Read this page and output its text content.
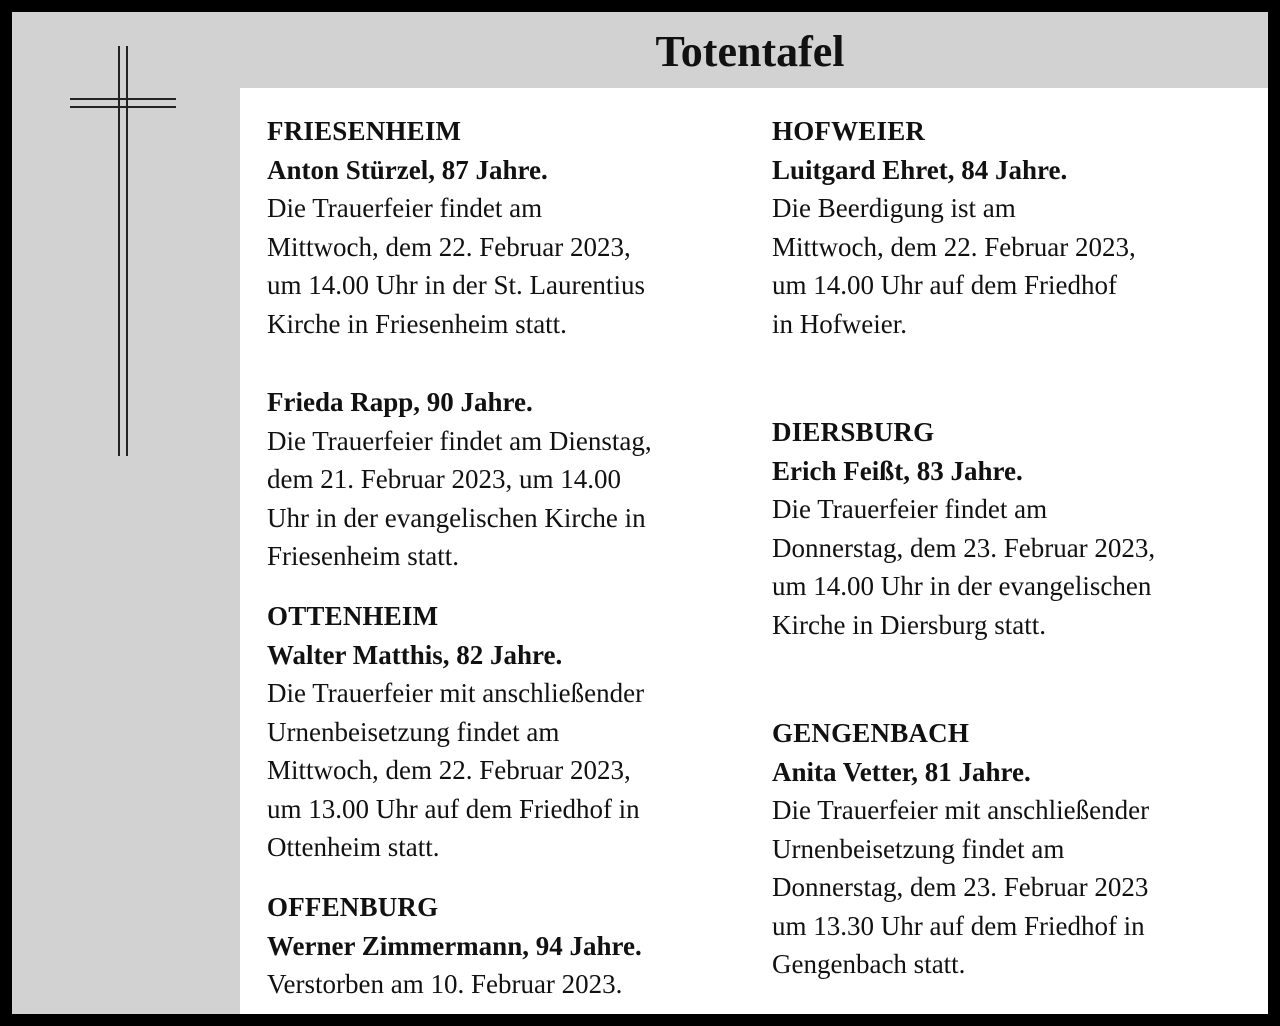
Totentafel
FRIESENHEIM
Anton Stürzel, 87 Jahre.
Die Trauerfeier findet am
Mittwoch, dem 22. Februar 2023,
um 14.00 Uhr in der St. Laurentius
Kirche in Friesenheim statt.
Frieda Rapp, 90 Jahre.
Die Trauerfeier findet am Dienstag,
dem 21. Februar 2023, um 14.00
Uhr in der evangelischen Kirche in
Friesenheim statt.
OTTENHEIM
Walter Matthis, 82 Jahre.
Die Trauerfeier mit anschließender
Urnenbeisetzung findet am
Mittwoch, dem 22. Februar 2023,
um 13.00 Uhr auf dem Friedhof in
Ottenheim statt.
OFFENBURG
Werner Zimmermann, 94 Jahre.
Verstorben am 10. Februar 2023.
HOFWEIER
Luitgard Ehret, 84 Jahre.
Die Beerdigung ist am
Mittwoch, dem 22. Februar 2023,
um 14.00 Uhr auf dem Friedhof
in Hofweier.
DIERSBURG
Erich Feißt, 83 Jahre.
Die Trauerfeier findet am
Donnerstag, dem 23. Februar 2023,
um 14.00 Uhr in der evangelischen
Kirche in Diersburg statt.
GENGENBACH
Anita Vetter, 81 Jahre.
Die Trauerfeier mit anschließender
Urnenbeisetzung findet am
Donnerstag, dem 23. Februar 2023
um 13.30 Uhr auf dem Friedhof in
Gengenbach statt.
